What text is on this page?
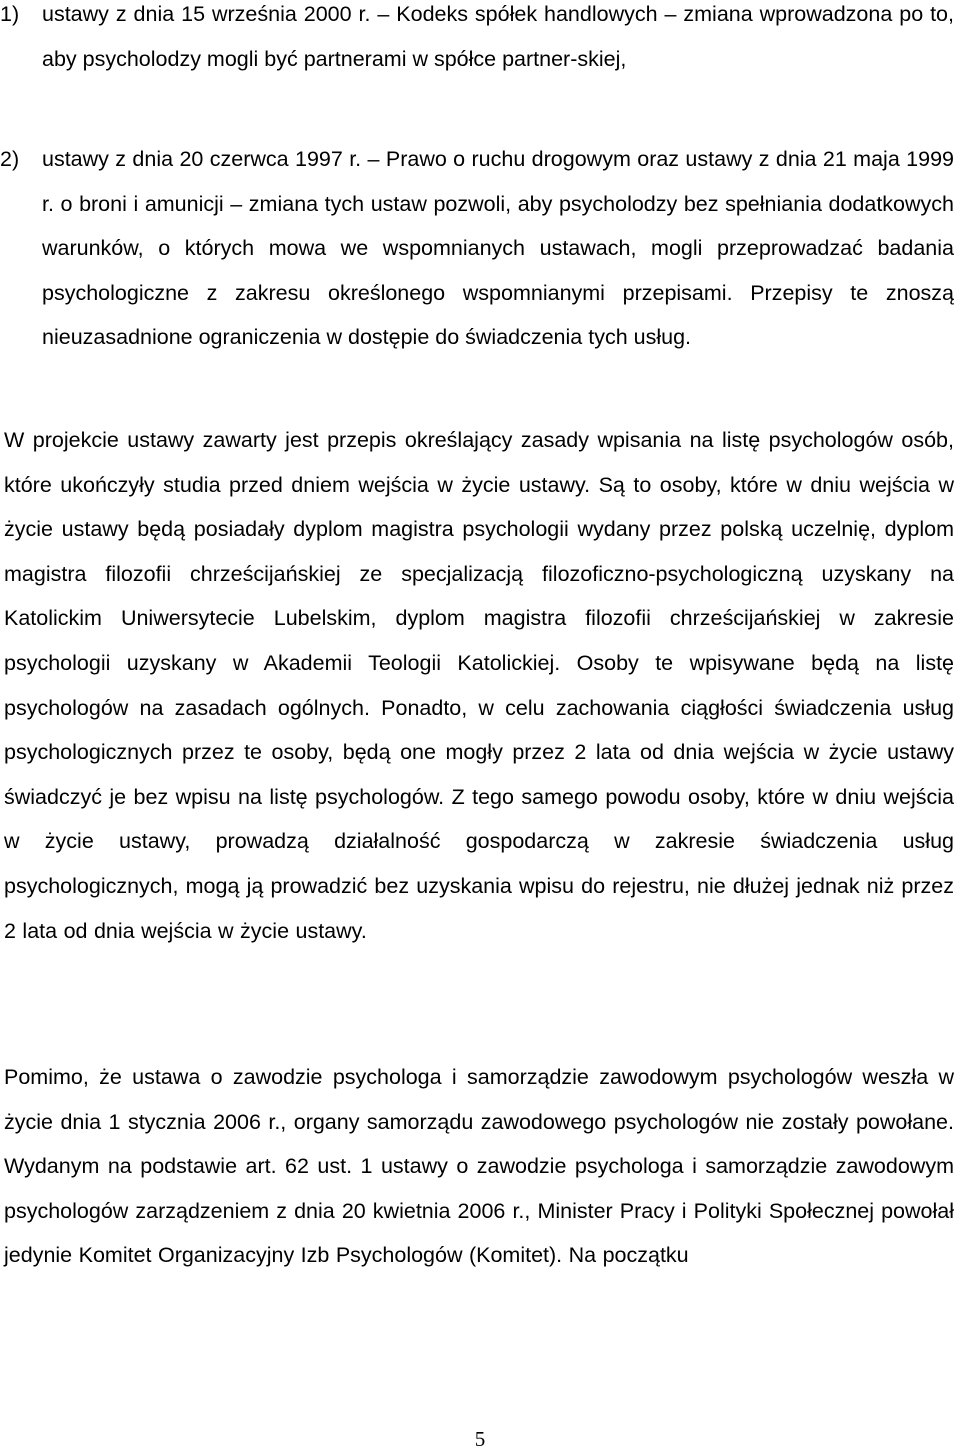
1) ustawy z dnia 15 września 2000 r. – Kodeks spółek handlowych – zmiana wprowadzona po to, aby psycholodzy mogli być partnerami w spółce partner-skiej,
2) ustawy z dnia 20 czerwca 1997 r. – Prawo o ruchu drogowym oraz ustawy z dnia 21 maja 1999 r. o broni i amunicji – zmiana tych ustaw pozwoli, aby psycholodzy bez spełniania dodatkowych warunków, o których mowa we wspomnianych ustawach, mogli przeprowadzać badania psychologiczne z zakresu określonego wspomnianymi przepisami. Przepisy te znoszą nieuzasadnione ograniczenia w dostępie do świadczenia tych usług.

W projekcie ustawy zawarty jest przepis określający zasady wpisania na listę psychologów osób, które ukończyły studia przed dniem wejścia w życie ustawy. Są to osoby, które w dniu wejścia w życie ustawy będą posiadały dyplom magistra psychologii wydany przez polską uczelnię, dyplom magistra filozofii chrześcijańskiej ze specjalizacją filozoficzno-psychologiczną uzyskany na Katolickim Uniwersytecie Lubelskim, dyplom magistra filozofii chrześcijańskiej w zakresie psychologii uzyskany w Akademii Teologii Katolickiej. Osoby te wpisywane będą na listę psychologów na zasadach ogólnych. Ponadto, w celu zachowania ciągłości świadczenia usług psychologicznych przez te osoby, będą one mogły przez 2 lata od dnia wejścia w życie ustawy świadczyć je bez wpisu na listę psychologów. Z tego samego powodu osoby, które w dniu wejścia w życie ustawy, prowadzą działalność gospodarczą w zakresie świadczenia usług psychologicznych, mogą ją prowadzić bez uzyskania wpisu do rejestru, nie dłużej jednak niż przez 2 lata od dnia wejścia w życie ustawy.

Pomimo, że ustawa o zawodzie psychologa i samorządzie zawodowym psychologów weszła w życie dnia 1 stycznia 2006 r., organy samorządu zawodowego psychologów nie zostały powołane. Wydanym na podstawie art. 62 ust. 1 ustawy o zawodzie psychologa i samorządzie zawodowym psychologów zarządzeniem z dnia 20 kwietnia 2006 r., Minister Pracy i Polityki Społecznej powołał jedynie Komitet Organizacyjny Izb Psychologów (Komitet). Na początku

5
